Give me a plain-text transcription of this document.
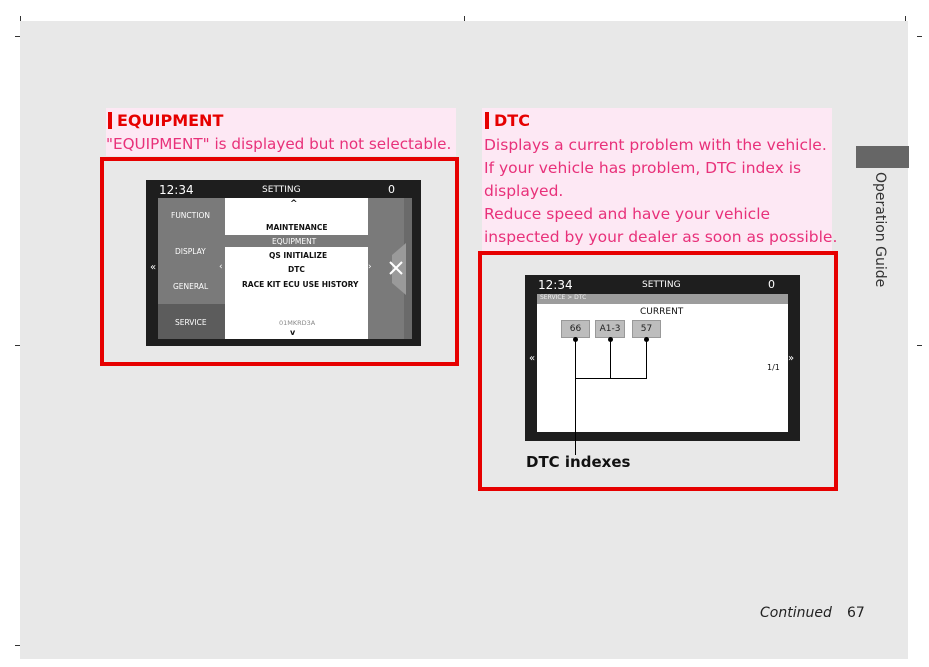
Operation Guide
EQUIPMENT
"EQUIPMENT" is displayed but not selectable.
12:34	SETTING	0
FUNCTION
DISPLAY
GENERAL
SERVICE
^
MAINTENANCE
EQUIPMENT
QS INITIALIZE
DTC
RACE KIT ECU USE HISTORY
01MKRD3A
v
«	‹	›
DTC
Displays a current problem with the vehicle.
If your vehicle has problem, DTC index is
displayed.
Reduce speed and have your vehicle
inspected by your dealer as soon as possible.
12:34	SETTING	0
SERVICE > DTC
CURRENT
66	A1-3	57
1/1
«	»
DTC indexes
Continued 67
